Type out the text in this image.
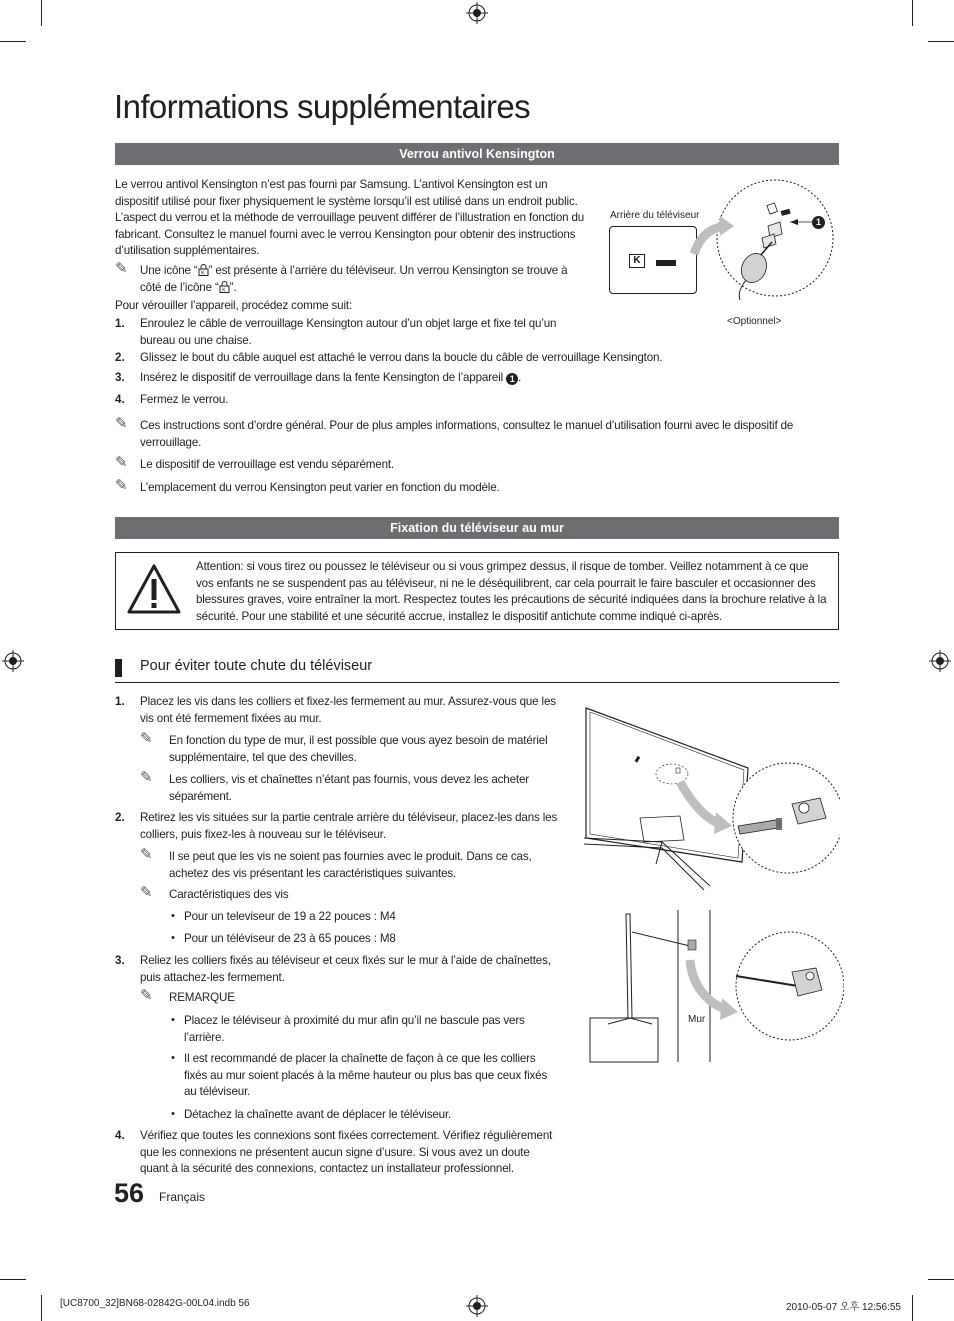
Informations supplémentaires
Verrou antivol Kensington
Le verrou antivol Kensington n’est pas fourni par Samsung. L’antivol Kensington est un dispositif utilisé pour fixer physiquement le système lorsqu’il est utilisé dans un endroit public. L’aspect du verrou et la méthode de verrouillage peuvent différer de l’illustration en fonction du fabricant. Consultez le manuel fourni avec le verrou Kensington pour obtenir des instructions d’utilisation supplémentaires.
✎ Une icône “ K ” est présente à l’arrière du téléviseur. Un verrou Kensington se trouve à côté de l’icône “ K ”.
Pour vérouiller l’appareil, procédez comme suit:
1. Enroulez le câble de verrouillage Kensington autour d’un objet large et fixe tel qu’un bureau ou une chaise.
2. Glissez le bout du câble auquel est attaché le verrou dans la boucle du câble de verrouillage Kensington.
3. Insérez le dispositif de verrouillage dans la fente Kensington de l’appareil 1 .
4. Fermez le verrou.
✎ Ces instructions sont d’ordre général. Pour de plus amples informations, consultez le manuel d’utilisation fourni avec le dispositif de verrouillage.
✎ Le dispositif de verrouillage est vendu séparément.
✎ L’emplacement du verrou Kensington peut varier en fonction du modèle.
Arrière du téléviseur
<Optionnel>
K
1
Fixation du téléviseur au mur
Attention: si vous tirez ou poussez le téléviseur ou si vous grimpez dessus, il risque de tomber. Veillez notamment à ce que vos enfants ne se suspendent pas au téléviseur, ni ne le déséquilibrent, car cela pourrait le faire basculer et occasionner des blessures graves, voire entraîner la mort. Respectez toutes les précautions de sécurité indiquées dans la brochure relative à la sécurité. Pour une stabilité et une sécurité accrue, installez le dispositif antichute comme indiqué ci-après.
Pour éviter toute chute du téléviseur
1. Placez les vis dans les colliers et fixez-les fermement au mur. Assurez-vous que les vis ont été fermement fixées au mur.
✎ En fonction du type de mur, il est possible que vous ayez besoin de matériel supplémentaire, tel que des chevilles.
✎ Les colliers, vis et chaînettes n’étant pas fournis, vous devez les acheter séparément.
2. Retirez les vis situées sur la partie centrale arrière du téléviseur, placez-les dans les colliers, puis fixez-les à nouveau sur le téléviseur.
✎ Il se peut que les vis ne soient pas fournies avec le produit. Dans ce cas, achetez des vis présentant les caractéristiques suivantes.
✎ Caractéristiques des vis
• Pour un televiseur de 19 a 22 pouces : M4
• Pour un téléviseur de 23 à 65 pouces : M8
3. Reliez les colliers fixés au téléviseur et ceux fixés sur le mur à l’aide de chaînettes, puis attachez-les fermement.
✎ REMARQUE
• Placez le téléviseur à proximité du mur afin qu’il ne bascule pas vers l’arrière.
• Il est recommandé de placer la chaînette de façon à ce que les colliers fixés au mur soient placés à la même hauteur ou plus bas que ceux fixés au téléviseur.
• Détachez la chaînette avant de déplacer le téléviseur.
4. Vérifiez que toutes les connexions sont fixées correctement. Vérifiez régulièrement que les connexions ne présentent aucun signe d’usure. Si vous avez un doute quant à la sécurité des connexions, contactez un installateur professionnel.
Mur
56 Français
[UC8700_32]BN68-02842G-00L04.indb 56	2010-05-07 오후 12:56:55
